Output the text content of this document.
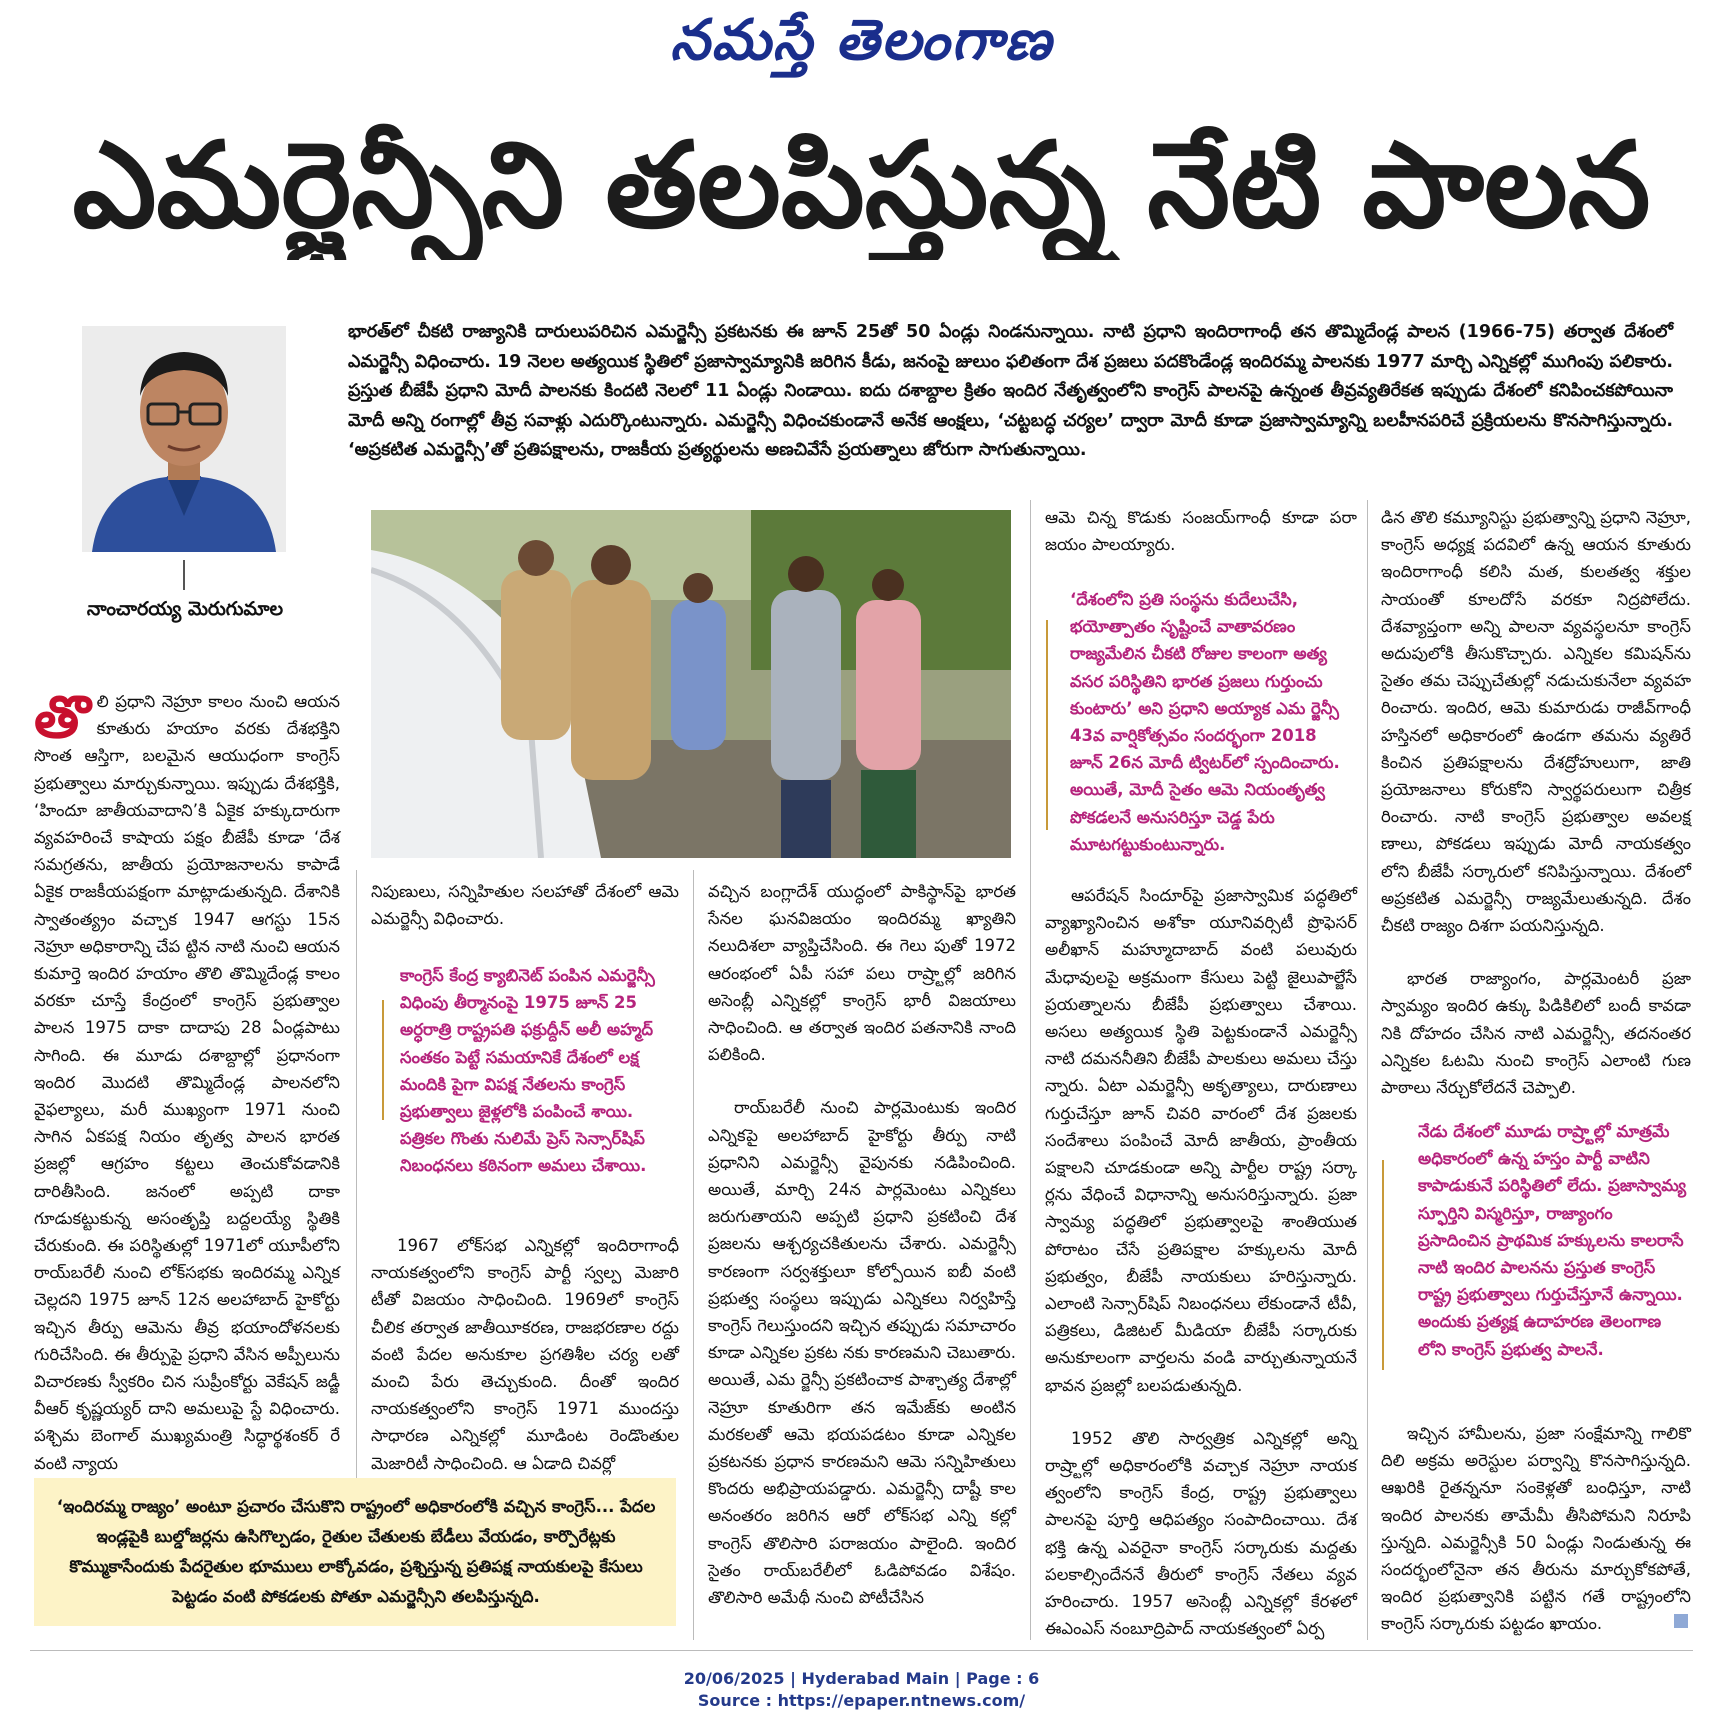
నమస్తే తెలంగాణ
ఎమర్జెన్సీని తలపిస్తున్న నేటి పాలన
నాంచారయ్య మెరుగుమాల
భారత్‌లో చీకటి రాజ్యానికి దారులుపరిచిన ఎమర్జెన్సీ ప్రకటనకు ఈ జూన్ 25తో 50 ఏండ్లు నిండనున్నాయి. నాటి ప్రధాని ఇందిరాగాంధీ తన తొమ్మిదేండ్ల పాలన (1966-75) తర్వాత దేశంలో ఎమర్జెన్సీ విధించారు. 19 నెలల అత్యయిక స్థితిలో ప్రజాస్వామ్యానికి జరిగిన కీడు, జనంపై జులుం ఫలితంగా దేశ ప్రజలు పదకొండేండ్ల ఇందిరమ్మ పాలనకు 1977 మార్చి ఎన్నికల్లో ముగింపు పలికారు. ప్రస్తుత బీజేపీ ప్రధాని మోదీ పాలనకు కిందటి నెలలో 11 ఏండ్లు నిండాయి. ఐదు దశాబ్దాల క్రితం ఇందిర నేతృత్వంలోని కాంగ్రెస్ పాలనపై ఉన్నంత తీవ్రవ్యతిరేకత ఇప్పుడు దేశంలో కనిపించకపోయినా మోదీ అన్ని రంగాల్లో తీవ్ర సవాళ్లు ఎదుర్కొంటున్నారు. ఎమర్జెన్సీ విధించకుండానే అనేక ఆంక్షలు, ‘చట్టబద్ధ చర్యల’ ద్వారా మోదీ కూడా ప్రజాస్వామ్యాన్ని బలహీనపరిచే ప్రక్రియలను కొనసాగిస్తున్నారు. ‘అప్రకటిత ఎమర్జెన్సీ’తో ప్రతిపక్షాలను, రాజకీయ ప్రత్యర్థులను అణచివేసే ప్రయత్నాలు జోరుగా సాగుతున్నాయి.
తొలి ప్రధాని నెహ్రూ కాలం నుంచి ఆయన కూతురు హయాం వరకు దేశభక్తిని సొంత ఆస్తిగా, బలమైన ఆయుధంగా కాంగ్రెస్ ప్రభుత్వాలు మార్చుకున్నాయి. ఇప్పుడు దేశభక్తికి, ‘హిందూ జాతీయవాదాని’కి ఏకైక హక్కుదారుగా వ్యవహరించే కాషాయ పక్షం బీజేపీ కూడా ‘దేశ సమగ్రతను, జాతీయ ప్రయోజనాలను కాపాడే ఏకైక రాజకీయపక్షంగా మాట్లాడుతున్నది. దేశానికి స్వాతంత్య్రం వచ్చాక 1947 ఆగస్టు 15న నెహ్రూ అధికారాన్ని చేప ట్టిన నాటి నుంచి ఆయన కుమార్తె ఇందిర హయాం తొలి తొమ్మిదేండ్ల కాలం వరకూ చూస్తే కేంద్రంలో కాంగ్రెస్ ప్రభుత్వాల పాలన 1975 దాకా దాదాపు 28 ఏండ్లపాటు సాగింది. ఈ మూడు దశాబ్దాల్లో ప్రధానంగా ఇందిర మొదటి తొమ్మిదేండ్ల పాలనలోని వైఫల్యాలు, మరీ ముఖ్యంగా 1971 నుంచి సాగిన ఏకపక్ష నియం తృత్వ పాలన భారత ప్రజల్లో ఆగ్రహం కట్టలు తెంచుకోవడానికి దారితీసింది. జనంలో అప్పటి దాకా గూడుకట్టుకున్న అసంతృప్తి బద్దలయ్యే స్థితికి చేరుకుంది. ఈ పరిస్థితుల్లో 1971లో యూపీలోని రాయ్‌బరేలీ నుంచి లోక్‌సభకు ఇందిరమ్మ ఎన్నిక చెల్లదని 1975 జూన్ 12న అలహాబాద్ హైకోర్టు ఇచ్చిన తీర్పు ఆమెను తీవ్ర భయాందోళనలకు గురిచేసింది. ఈ తీర్పుపై ప్రధాని వేసిన అప్పీలును విచారణకు స్వీకరిం చిన సుప్రీంకోర్టు వెకేషన్ జడ్జీ వీఆర్ కృష్ణయ్యర్ దాని అమలుపై స్టే విధించారు. పశ్చిమ బెంగాల్ ముఖ్యమంత్రి సిద్ధార్థశంకర్ రే వంటి న్యాయ

నిపుణులు, సన్నిహితుల సలహాతో దేశంలో ఆమె ఎమర్జెన్సీ విధించారు.

కాంగ్రెస్ కేంద్ర క్యాబినెట్ పంపిన ఎమర్జెన్సీ విధింపు తీర్మానంపై 1975 జూన్ 25 అర్ధరాత్రి రాష్ట్రపతి ఫక్రుద్దీన్ అలీ అహ్మద్ సంతకం పెట్టే సమయానికే దేశంలో లక్ష మందికి పైగా విపక్ష నేతలను కాంగ్రెస్ ప్రభుత్వాలు జైళ్లలోకి పంపించే శాయి. పత్రికల గొంతు నులిమే ప్రెస్ సెన్సార్‌షిప్ నిబంధనలు కఠినంగా అమలు చేశాయి.

1967 లోక్‌సభ ఎన్నికల్లో ఇందిరాగాంధీ నాయకత్వంలోని కాంగ్రెస్ పార్టీ స్వల్ప మెజారి టీతో విజయం సాధించింది. 1969లో కాంగ్రెస్ చీలిక తర్వాత జాతీయీకరణ, రాజభరణాల రద్దు వంటి పేదల అనుకూల ప్రగతిశీల చర్య లతో మంచి పేరు తెచ్చుకుంది. దీంతో ఇందిర నాయకత్వంలోని కాంగ్రెస్ 1971 ముందస్తు సాధారణ ఎన్నికల్లో మూడింట రెండొంతుల మెజారిటీ సాధించింది. ఆ ఏడాది చివర్లో

వచ్చిన బంగ్లాదేశ్ యుద్ధంలో పాకిస్థాన్‌పై భారత సేనల ఘనవిజయం ఇందిరమ్మ ఖ్యాతిని నలుదిశలా వ్యాప్తిచేసింది. ఈ గెలు పుతో 1972 ఆరంభంలో ఏపీ సహా పలు రాష్ర్టాల్లో జరిగిన అసెంబ్లీ ఎన్నికల్లో కాంగ్రెస్ భారీ విజయాలు సాధించింది. ఆ తర్వాత ఇందిర పతనానికి నాంది పలికింది.

రాయ్‌బరేలీ నుంచి పార్లమెంటుకు ఇందిర ఎన్నికపై అలహాబాద్ హైకోర్టు తీర్పు నాటి ప్రధానిని ఎమర్జెన్సీ వైపునకు నడిపించింది. అయితే, మార్చి 24న పార్లమెంటు ఎన్నికలు జరుగుతాయని అప్పటి ప్రధాని ప్రకటించి దేశ ప్రజలను ఆశ్చర్యచకితులను చేశారు. ఎమర్జెన్సీ కారణంగా సర్వశక్తులూ కోల్పోయిన ఐబీ వంటి ప్రభుత్వ సంస్థలు ఇప్పుడు ఎన్నికలు నిర్వహిస్తే కాంగ్రెస్ గెలుస్తుందని ఇచ్చిన తప్పుడు సమాచారం కూడా ఎన్నికల ప్రకట నకు కారణమని చెబుతారు. అయితే, ఎమ ర్జెన్సీ ప్రకటించాక పాశ్చాత్య దేశాల్లో నెహ్రూ కూతురిగా తన ఇమేజ్‌కు అంటిన మరకలతో ఆమె భయపడటం కూడా ఎన్నికల ప్రకటనకు ప్రధాన కారణమని ఆమె సన్నిహితులు కొందరు అభిప్రాయపడ్డారు. ఎమర్జెన్సీ దాష్టీ కాల అనంతరం జరిగిన ఆరో లోక్‌సభ ఎన్ని కల్లో కాంగ్రెస్ తొలిసారి పరాజయం పాలైంది. ఇందిర సైతం రాయ్‌బరేలీలో ఓడిపోవడం విశేషం. తొలిసారి అమేథీ నుంచి పోటీచేసిన

ఆమె చిన్న కొడుకు సంజయ్‌గాంధీ కూడా పరా జయం పాలయ్యారు.

‘దేశంలోని ప్రతి సంస్థను కుదేలుచేసి, భయోత్పాతం సృష్టించే వాతావరణం రాజ్యమేలిన చీకటి రోజుల కాలంగా అత్య వసర పరిస్థితిని భారత ప్రజలు గుర్తుంచు కుంటారు’ అని ప్రధాని అయ్యాక ఎమ ర్జెన్సీ 43వ వార్షికోత్సవం సందర్భంగా 2018 జూన్ 26న మోదీ ట్విటర్‌లో స్పందించారు. అయితే, మోదీ సైతం ఆమె నియంతృత్వ పోకడలనే అనుసరిస్తూ చెడ్డ పేరు మూటగట్టుకుంటున్నారు.

ఆపరేషన్ సిందూర్‌పై ప్రజాస్వామిక పద్ధతిలో వ్యాఖ్యానించిన అశోకా యూనివర్సిటీ ప్రొఫెసర్ అలీఖాన్ మహ్మూదాబాద్ వంటి పలువురు మేధావులపై అక్రమంగా కేసులు పెట్టి జైలుపాల్జేసే ప్రయత్నాలను బీజేపీ ప్రభుత్వాలు చేశాయి. అసలు అత్యయిక స్థితి పెట్టకుండానే ఎమర్జెన్సీ నాటి దమననీతిని బీజేపీ పాలకులు అమలు చేస్తు న్నారు. ఏటా ఎమర్జెన్సీ అకృత్యాలు, దారుణాలు గుర్తుచేస్తూ జూన్ చివరి వారంలో దేశ ప్రజలకు సందేశాలు పంపించే మోదీ జాతీయ, ప్రాంతీయ పక్షాలని చూడకుండా అన్ని పార్టీల రాష్ట్ర సర్కా ర్లను వేధించే విధానాన్ని అనుసరిస్తున్నారు. ప్రజా స్వామ్య పద్ధతిలో ప్రభుత్వాలపై శాంతియుత పోరాటం చేసే ప్రతిపక్షాల హక్కులను మోదీ ప్రభుత్వం, బీజేపీ నాయకులు హరిస్తున్నారు. ఎలాంటి సెన్సార్‌షిప్ నిబంధనలు లేకుండానే టీవీ, పత్రికలు, డిజిటల్ మీడియా బీజేపీ సర్కారుకు అనుకూలంగా వార్తలను వండి వార్చుతున్నాయనే భావన ప్రజల్లో బలపడుతున్నది.

1952 తొలి సార్వత్రిక ఎన్నికల్లో అన్ని రాష్ర్టాల్లో అధికారంలోకి వచ్చాక నెహ్రూ నాయక త్వంలోని కాంగ్రెస్ కేంద్ర, రాష్ట్ర ప్రభుత్వాలు పాలనపై పూర్తి ఆధిపత్యం సంపాదించాయి. దేశ భక్తి ఉన్న ఎవరైనా కాంగ్రెస్ సర్కారుకు మద్దతు పలకాల్సిందేననే తీరులో కాంగ్రెస్ నేతలు వ్యవ హరించారు. 1957 అసెంబ్లీ ఎన్నికల్లో కేరళలో ఈఎంఎస్ నంబూద్రిపాద్ నాయకత్వంలో ఏర్ప

డిన తొలి కమ్యూనిస్టు ప్రభుత్వాన్ని ప్రధాని నెహ్రూ, కాంగ్రెస్ అధ్యక్ష పదవిలో ఉన్న ఆయన కూతురు ఇందిరాగాంధీ కలిసి మత, కులతత్వ శక్తుల సాయంతో కూలదోసే వరకూ నిద్రపోలేదు. దేశవ్యాప్తంగా అన్ని పాలనా వ్యవస్థలనూ కాంగ్రెస్ అదుపులోకి తీసుకొచ్చారు. ఎన్నికల కమిషన్‌ను సైతం తమ చెప్పుచేతుల్లో నడుచుకునేలా వ్యవహ రించారు. ఇందిర, ఆమె కుమారుడు రాజీవ్‌గాంధీ హస్తినలో అధికారంలో ఉండగా తమను వ్యతిరే కించిన ప్రతిపక్షాలను దేశద్రోహులుగా, జాతి ప్రయోజనాలు కోరుకోని స్వార్థపరులుగా చిత్రీక రించారు. నాటి కాంగ్రెస్ ప్రభుత్వాల అవలక్ష ణాలు, పోకడలు ఇప్పుడు మోదీ నాయకత్వం లోని బీజేపీ సర్కారులో కనిపిస్తున్నాయి. దేశంలో అప్రకటిత ఎమర్జెన్సీ రాజ్యమేలుతున్నది. దేశం చీకటి రాజ్యం దిశగా పయనిస్తున్నది.

భారత రాజ్యాంగం, పార్లమెంటరీ ప్రజా స్వామ్యం ఇందిర ఉక్కు పిడికిలిలో బందీ కావడా నికి దోహదం చేసిన నాటి ఎమర్జెన్సీ, తదనంతర ఎన్నికల ఓటమి నుంచి కాంగ్రెస్ ఎలాంటి గుణ పాఠాలు నేర్చుకోలేదనే చెప్పాలి.

నేడు దేశంలో మూడు రాష్ర్టాల్లో మాత్రమే అధికారంలో ఉన్న హస్తం పార్టీ వాటిని కాపాడుకునే పరిస్థితిలో లేదు. ప్రజాస్వామ్య స్ఫూర్తిని విస్మరిస్తూ, రాజ్యాంగం ప్రసాదించిన ప్రాథమిక హక్కులను కాలరాసే నాటి ఇందిర పాలనను ప్రస్తుత కాంగ్రెస్ రాష్ట్ర ప్రభుత్వాలు గుర్తుచేస్తూనే ఉన్నాయి. అందుకు ప్రత్యక్ష ఉదాహరణ తెలంగాణ లోని కాంగ్రెస్ ప్రభుత్వ పాలనే.

ఇచ్చిన హామీలను, ప్రజా సంక్షేమాన్ని గాలికొ దిలి అక్రమ అరెస్టుల పర్వాన్ని కొనసాగిస్తున్నది. ఆఖరికి రైతన్ననూ సంకెళ్లతో బంధిస్తూ, నాటి ఇందిర పాలనకు తామేమీ తీసిపోమని నిరూపి స్తున్నది. ఎమర్జెన్సీకి 50 ఏండ్లు నిండుతున్న ఈ సందర్భంలోనైనా తన తీరును మార్చుకోకపోతే, ఇందిర ప్రభుత్వానికి పట్టిన గతే రాష్ట్రంలోని కాంగ్రెస్ సర్కారుకు పట్టడం ఖాయం.

‘ఇందిరమ్మ రాజ్యం’ అంటూ ప్రచారం చేసుకొని రాష్ట్రంలో అధికారంలోకి వచ్చిన కాంగ్రెస్... పేదల ఇండ్లపైకి బుల్డోజర్లను ఉసిగొల్పడం, రైతుల చేతులకు బేడీలు వేయడం, కార్పొరేట్లకు కొమ్ముకాసేందుకు పేదరైతుల భూములు లాక్కోవడం, ప్రశ్నిస్తున్న ప్రతిపక్ష నాయకులపై కేసులు పెట్టడం వంటి పోకడలకు పోతూ ఎమర్జెన్సీని తలపిస్తున్నది.
20/06/2025 | Hyderabad Main | Page : 6
Source : https://epaper.ntnews.com/
